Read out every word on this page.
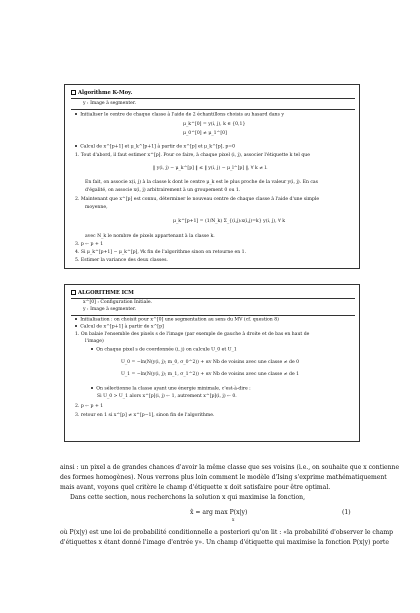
Algorithme K-Moy.
y : Image à segmenter.
Initialiser le centre de chaque classe à l'aide de 2 échantillons choisis au hasard dans y
μ_k^[0] = y(i, j), k ∈ {0,1}
μ_0^[0] ≠ μ_1^[0]
Calcul de x^[p+1] et μ_k^[p+1] à partir de x^[p] et μ_k^[p], p=0
1. Tout d'abord, il faut estimer x^[p]. Pour ce faire, à chaque pixel (i, j), associer l'étiquette k tel que
‖ y(i, j) − μ_k^[p] ‖ ≤ ‖ y(i, j) − μ_l^[p] ‖, ∀ k ≠ l.
En fait, on associe x(i, j) à la classe k dont le centre μ_k est le plus proche de la valeur y(i, j). En cas
d'égalité, on associe x(i, j) arbitrairement à un groupement 0 ou 1.
2. Maintenant que x^[p] est connu, déterminer le nouveau centre de chaque classe à l'aide d'une simple
moyenne,
μ_k^[p+1] = (1/N_k) Σ_{(i,j):x(i,j)=k} y(i, j), ∀ k
avec N_k le nombre de pixels appartenant à la classe k.
3. p ← p + 1
4. Si μ_k^[p+1] − μ_k^[p], ∀k fin de l'algorithme sinon on retourne en 1.
5. Estimer la variance des deux classes.
ALGORITHME ICM
x^[0] : Configuration Initiale.
y : Image à segmenter.
Initialisation : on choisit pour x^[0] une segmentation au sens du MV (cf. question 8)
Calcul de x^[p+1] à partir de x^[p]
1. On balaie l'ensemble des pixels s de l'image (par exemple de gauche à droite et de bas en haut de
l'image)
On chaque pixel s de coordonnée (i, j) on calcule U_0 et U_1
U_0 = −ln(N(y(i, j); m_0, σ_0^2)) + αv Nb de voisins avec une classe ≠ de 0
U_1 = −ln(N(y(i, j); m_1, σ_1^2)) + αv Nb de voisins avec une classe ≠ de 1
On sélectionne la classe ayant une énergie minimale, c'est-à-dire :
Si U_0 > U_1 alors x^[p](i, j) ← 1, autrement x^[p](i, j) ← 0.
2. p ← p + 1
3. retour en 1 si x^[p] ≠ x^[p−1], sinon fin de l'algorithme.
ainsi : un pixel a de grandes chances d'avoir la même classe que ses voisins (i.e., on souhaite que x contienne
des formes homogènes). Nous verrons plus loin comment le modèle d'Ising s'exprime mathématiquement
mais avant, voyons quel critère le champ d'étiquette x doit satisfaire pour être optimal.
Dans cette section, nous recherchons la solution x qui maximise la fonction,
x̂ = arg max P(x|y)
x
(1)
où P(x|y) est une loi de probabilité conditionnelle a posteriori qu'on lit : «la probabilité d'observer le champ
d'étiquettes x étant donné l'image d'entrée y». Un champ d'étiquette qui maximise la fonction P(x|y) porte
